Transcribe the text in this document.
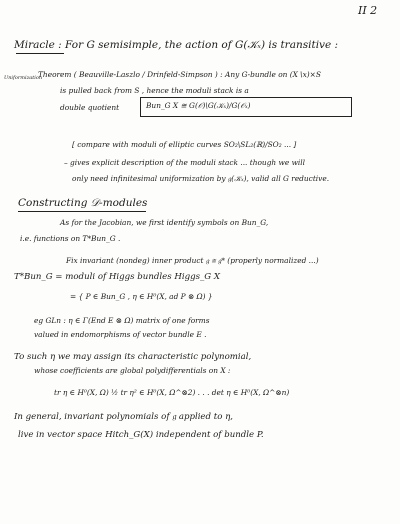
II 2
Miracle : For G semisimple, the action of G(𝒦ₓ) is transitive :
Uniformization
Theorem ( Beauville-Laszlo / Drinfeld-Simpson ) : Any G-bundle on (X∖x)×S
is pulled back from S , hence the moduli stack is a
double quotient	Bun_G X ≅ G(𝒪)\G(𝒦ₓ)/G(𝒪ₓ)
[ compare with moduli of elliptic curves SO₂\SL₂(ℝ)/SO₂ ... ]
– gives explicit description of the moduli stack ... though we will
only need infinitesimal uniformization by 𝔤(𝒦ₓ), valid all G reductive.
Constructing 𝒟-modules
As for the Jacobian, we first identify symbols on Bun_G,
i.e. functions on T*Bun_G .
Fix invariant (nondeg) inner product 𝔤 ≅ 𝔤* (properly normalized ...)
T*Bun_G = moduli of Higgs bundles Higgs_G X
= { P ∈ Bun_G , η ∈ H⁰(X, ad P ⊗ Ω) }
eg GLn : η ∈ Γ(End E ⊗ Ω) matrix of one forms
valued in endomorphisms of vector bundle E .
To such η we may assign its characteristic polynomial,
whose coefficients are global polydifferentials on X :
tr η ∈ H⁰(X, Ω) ½ tr η² ∈ H⁰(X, Ω^⊗2) . . . det η ∈ H⁰(X, Ω^⊗n)
In general, invariant polynomials of 𝔤 applied to η,
live in vector space Hitch_G(X) independent of bundle P.
